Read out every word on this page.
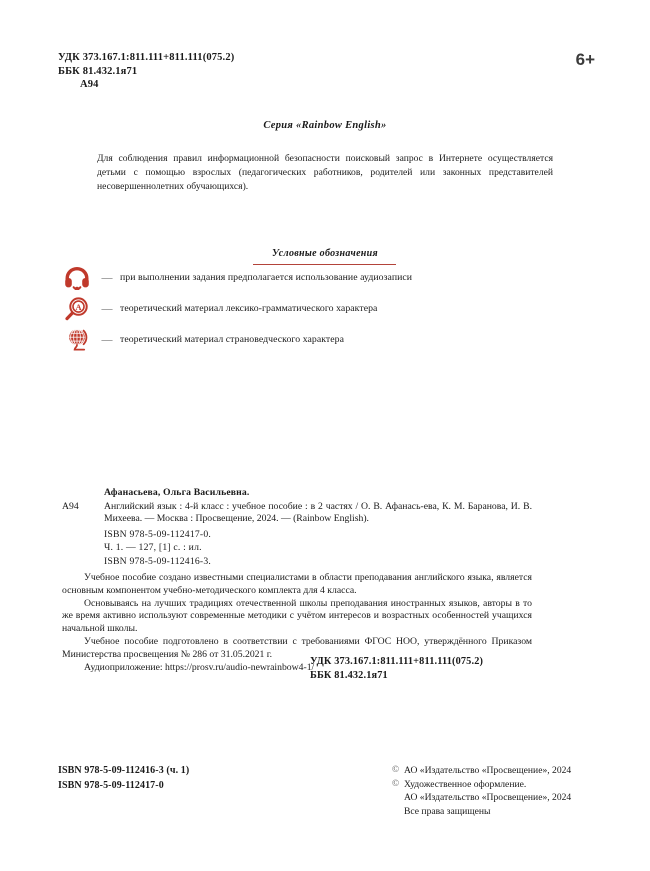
УДК 373.167.1:811.111+811.111(075.2)
ББК 81.432.1я71
А94
6+
Серия «Rainbow English»
Для соблюдения правил информационной безопасности поисковый запрос в Интернете осуществляется детьми с помощью взрослых (педагогических работников, родителей или законных представителей несовершеннолетних обучающихся).
Условные обозначения
— при выполнении задания предполагается использование аудиозаписи
A	— теоретический материал лексико-грамматического характера
— теоретический материал страноведческого характера
Афанасьева, Ольга Васильевна.
А94	Английский язык : 4-й класс : учебное пособие : в 2 частях / О. В. Афанась-ева, К. М. Баранова, И. В. Михеева. — Москва : Просвещение, 2024. — (Rainbow English).
ISBN 978-5-09-112417-0.
Ч. 1. — 127, [1] с. : ил.
ISBN 978-5-09-112416-3.

Учебное пособие создано известными специалистами в области преподавания английского языка, является основным компонентом учебно-методического комплекта для 4 класса.

Основываясь на лучших традициях отечественной школы преподавания иностранных языков, авторы в то же время активно используют современные методики с учётом интересов и возрастных особенностей учащихся начальной школы.

Учебное пособие подготовлено в соответствии с требованиями ФГОС НОО, утверждённого Приказом Министерства просвещения № 286 от 31.05.2021 г.

Аудиоприложение: https://prosv.ru/audio-newrainbow4-1/

УДК 373.167.1:811.111+811.111(075.2)
ББК 81.432.1я71
ISBN 978-5-09-112416-3 (ч. 1)
ISBN 978-5-09-112417-0
© АО «Издательство «Просвещение», 2024
© Художественное оформление.
АО «Издательство «Просвещение», 2024
Все права защищены
